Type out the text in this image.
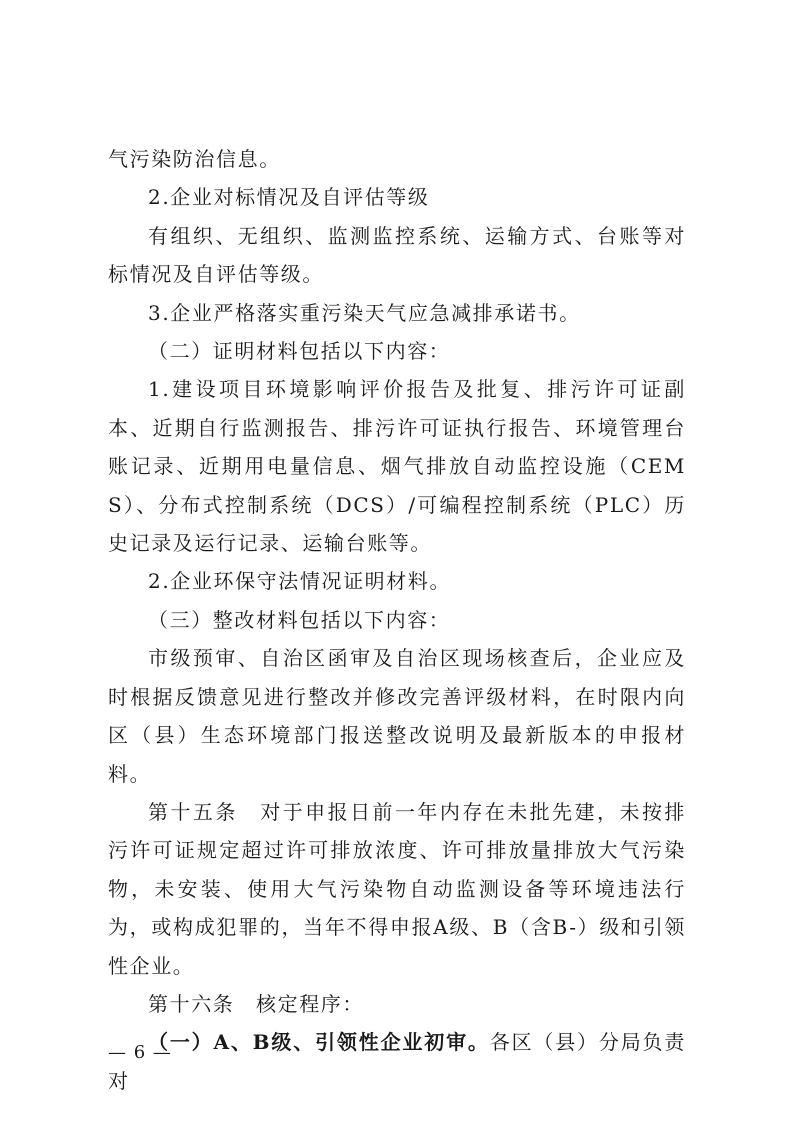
气污染防治信息。

2.企业对标情况及自评估等级

有组织、无组织、监测监控系统、运输方式、台账等对标情况及自评估等级。

3.企业严格落实重污染天气应急减排承诺书。

（二）证明材料包括以下内容：

1.建设项目环境影响评价报告及批复、排污许可证副本、近期自行监测报告、排污许可证执行报告、环境管理台账记录、近期用电量信息、烟气排放自动监控设施（CEMS）、分布式控制系统（DCS）/可编程控制系统（PLC）历史记录及运行记录、运输台账等。

2.企业环保守法情况证明材料。

（三）整改材料包括以下内容：

市级预审、自治区函审及自治区现场核查后，企业应及时根据反馈意见进行整改并修改完善评级材料，在时限内向区（县）生态环境部门报送整改说明及最新版本的申报材料。

第十五条　对于申报日前一年内存在未批先建，未按排污许可证规定超过许可排放浓度、许可排放量排放大气污染物，未安装、使用大气污染物自动监测设备等环境违法行为，或构成犯罪的，当年不得申报A级、B（含B-）级和引领性企业。

第十六条　核定程序：

（一）A、B级、引领性企业初审。各区（县）分局负责对

— 6 —
